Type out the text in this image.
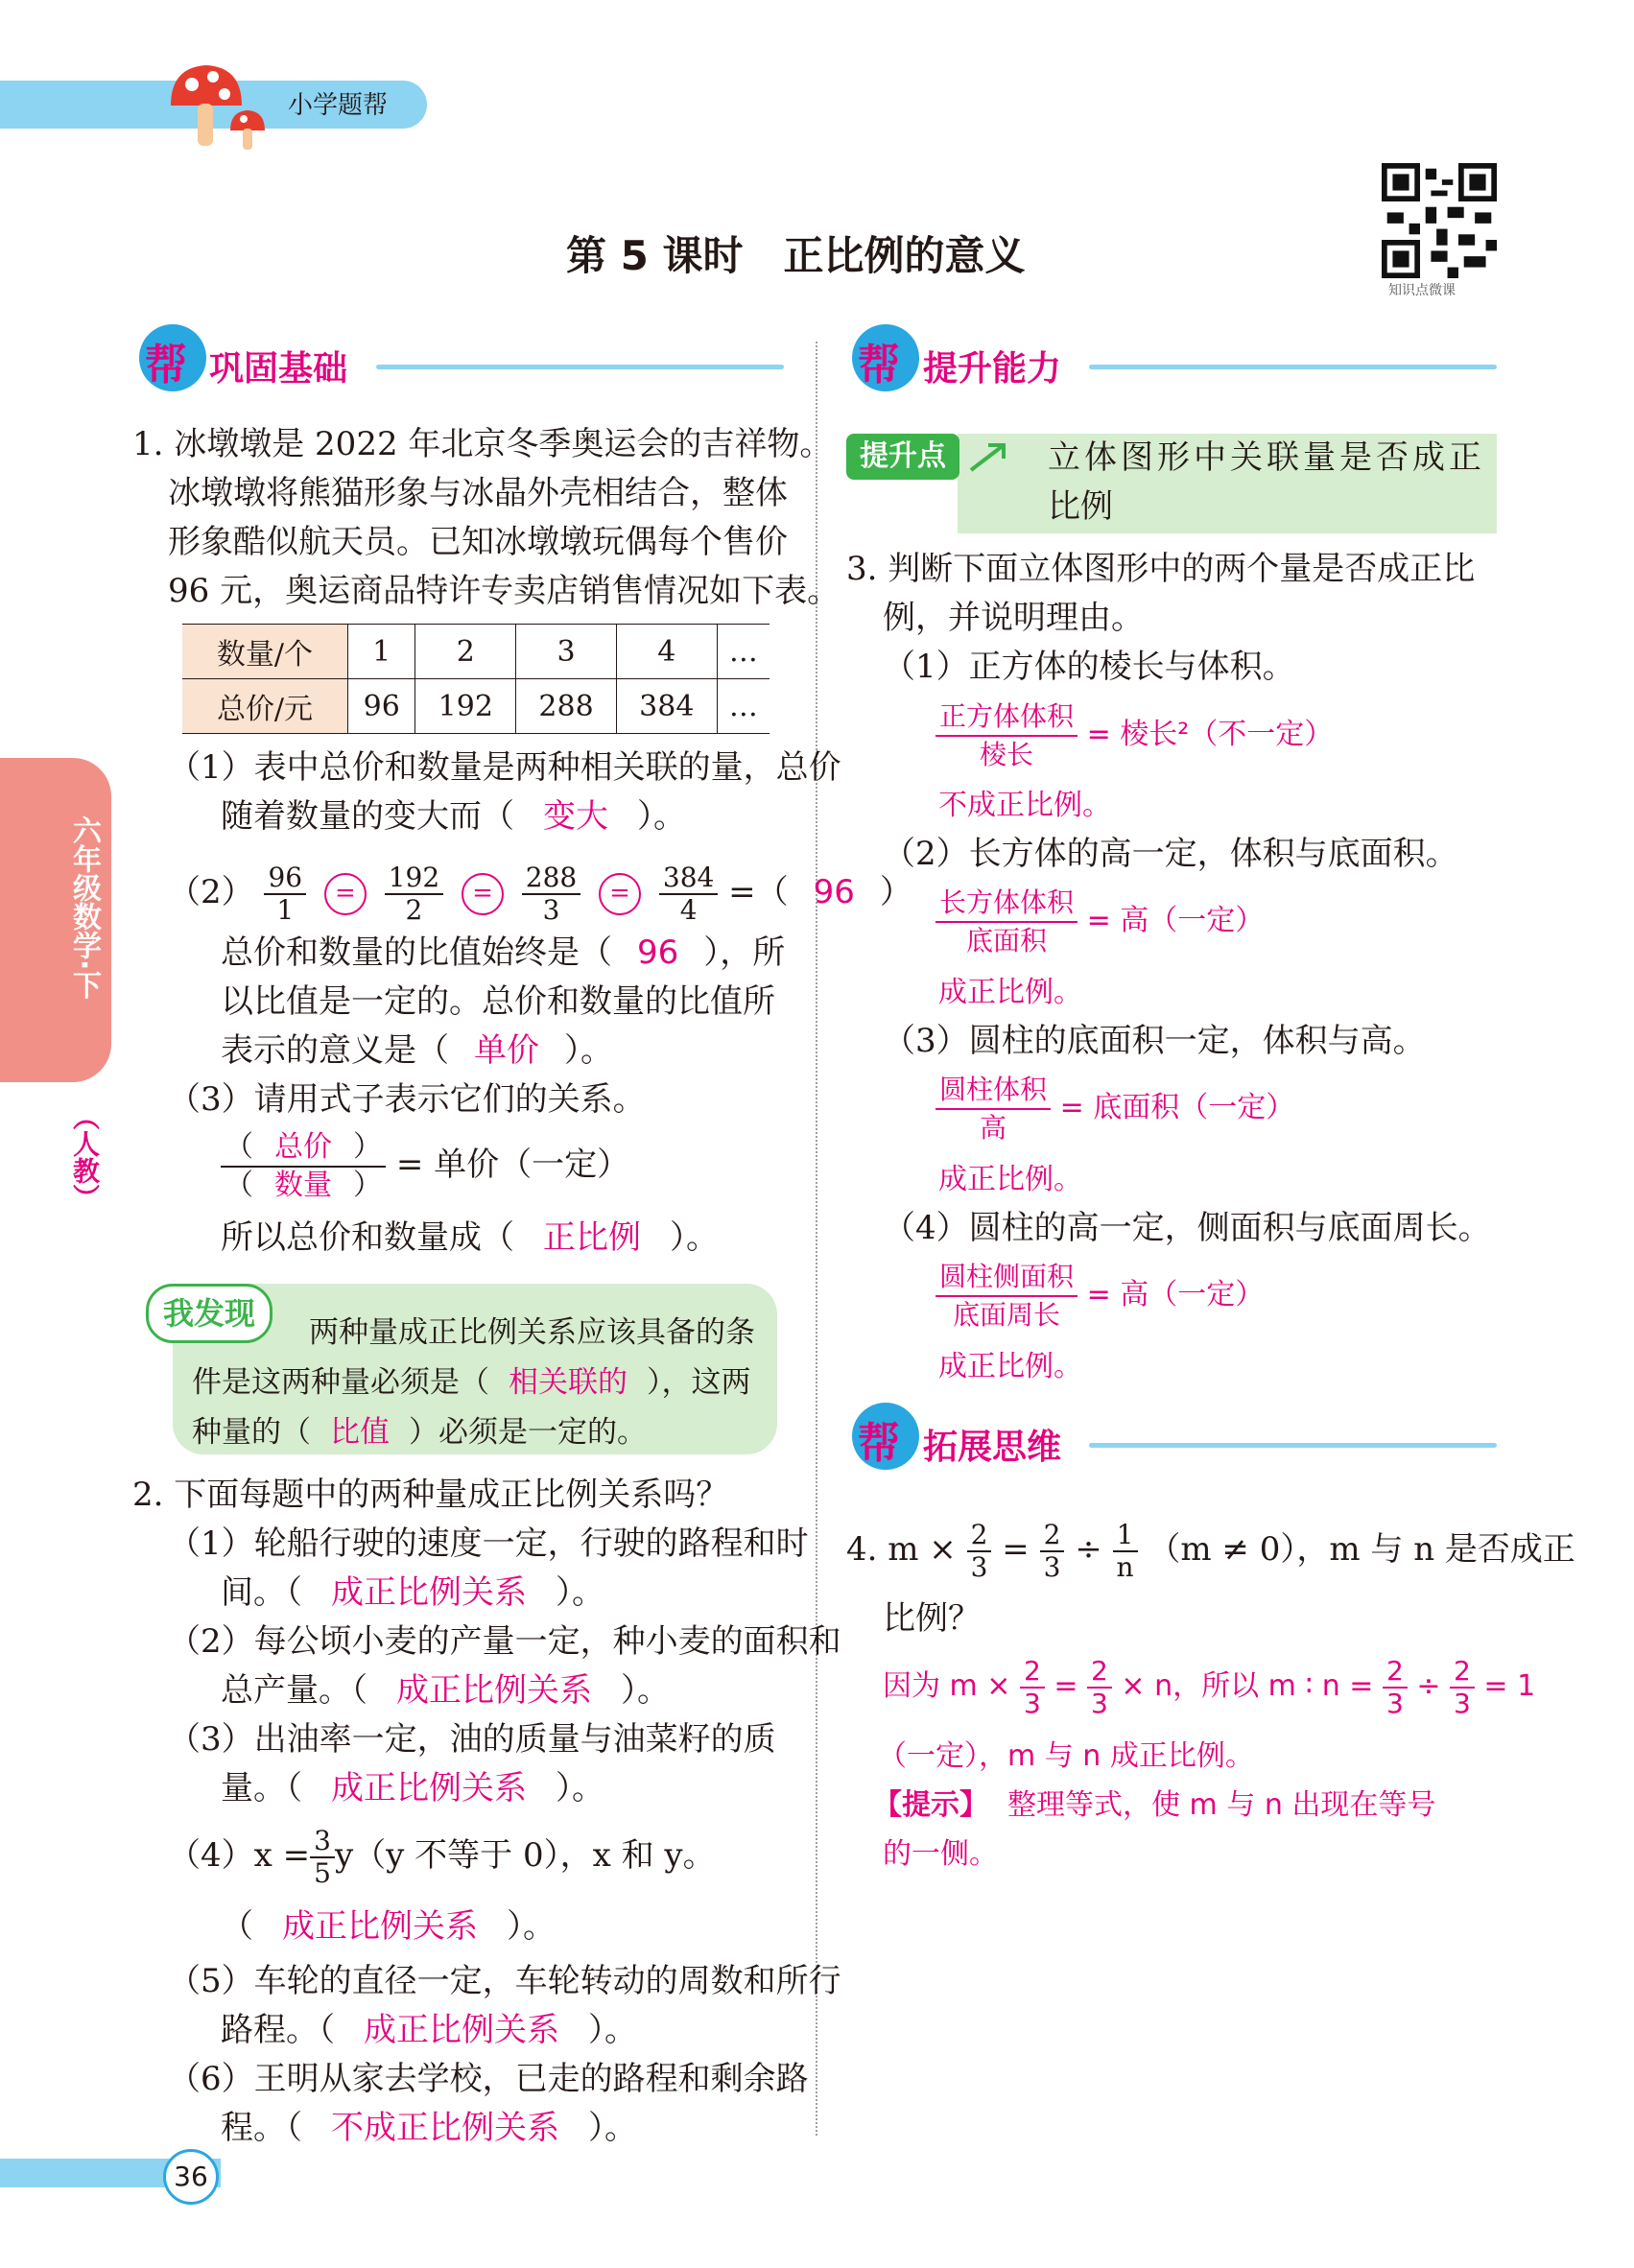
小学题帮
第 5 课时　正比例的意义
知识点微课
六年级数学·下
（人教）
帮 巩固基础
1. 冰墩墩是 2022 年北京冬季奥运会的吉祥物。
冰墩墩将熊猫形象与冰晶外壳相结合，整体
形象酷似航天员。已知冰墩墩玩偶每个售价
96 元，奥运商品特许专卖店销售情况如下表。
数量/个	1	2	3	4	…
总价/元	96	192	288	384	…
（1）表中总价和数量是两种相关联的量，总价
随着数量的变大而（ 变大 ）。
$(2) \frac{96}{1} = \frac{192}{2} = \frac{288}{3} = \frac{384}{4}$ =（ 96 ）
总价和数量的比值始终是（ 96 ），所
以比值是一定的。总价和数量的比值所
表示的意义是（ 单价 ）。
（3）请用式子表示它们的关系。
$\frac{\text{（ 总价 ）}}{\text{（ 数量 ）}}$ = 单价（一定）
所以总价和数量成（ 正比例 ）。
我发现
两种量成正比例关系应该具备的条
件是这两种量必须是（ 相关联的 ），这两
种量的（ 比值 ）必须是一定的。
2. 下面每题中的两种量成正比例关系吗？
（1）轮船行驶的速度一定，行驶的路程和时
间。（ 成正比例关系 ）。
（2）每公顷小麦的产量一定，种小麦的面积和
总产量。（ 成正比例关系 ）。
（3）出油率一定，油的质量与油菜籽的质
量。（ 成正比例关系 ）。
$(4)x = \frac{3}{5} y(y$ 不等于 0），x 和 y。
（ 成正比例关系 ）。
（5）车轮的直径一定，车轮转动的周数和所行
路程。（ 成正比例关系 ）。
（6）王明从家去学校，已走的路程和剩余路
程。（ 不成正比例关系 ）。
帮 提升能力
提升点	立体图形中关联量是否成正
比例
3. 判断下面立体图形中的两个量是否成正比
例，并说明理由。
（1）正方体的棱长与体积。
$\frac{\text{正方体体积}}{\text{棱长}}$ = 棱长²（不一定）
不成正比例。
（2）长方体的高一定，体积与底面积。
$\frac{\text{长方体体积}}{\text{底面积}}$ = 高（一定）
成正比例。
（3）圆柱的底面积一定，体积与高。
$\frac{\text{圆柱体积}}{\text{高}}$ = 底面积（一定）
成正比例。
（4）圆柱的高一定，侧面积与底面周长。
$\frac{\text{圆柱侧面积}}{\text{底面周长}}$ = 高（一定）
成正比例。
帮 拓展思维
4. $m \times \frac{2}{3} = \frac{2}{3} \div \frac{1}{n} (m \ne 0)$，m 与 n 是否成正
比例？
因为 $m \times \frac{2}{3} = \frac{2}{3} \times n$，所以 m ∶ $n = \frac{2}{3} \div \frac{2}{3} = 1$
（一定），m 与 n 成正比例。
【提示】 整理等式，使 m 与 n 出现在等号
的一侧。
36
